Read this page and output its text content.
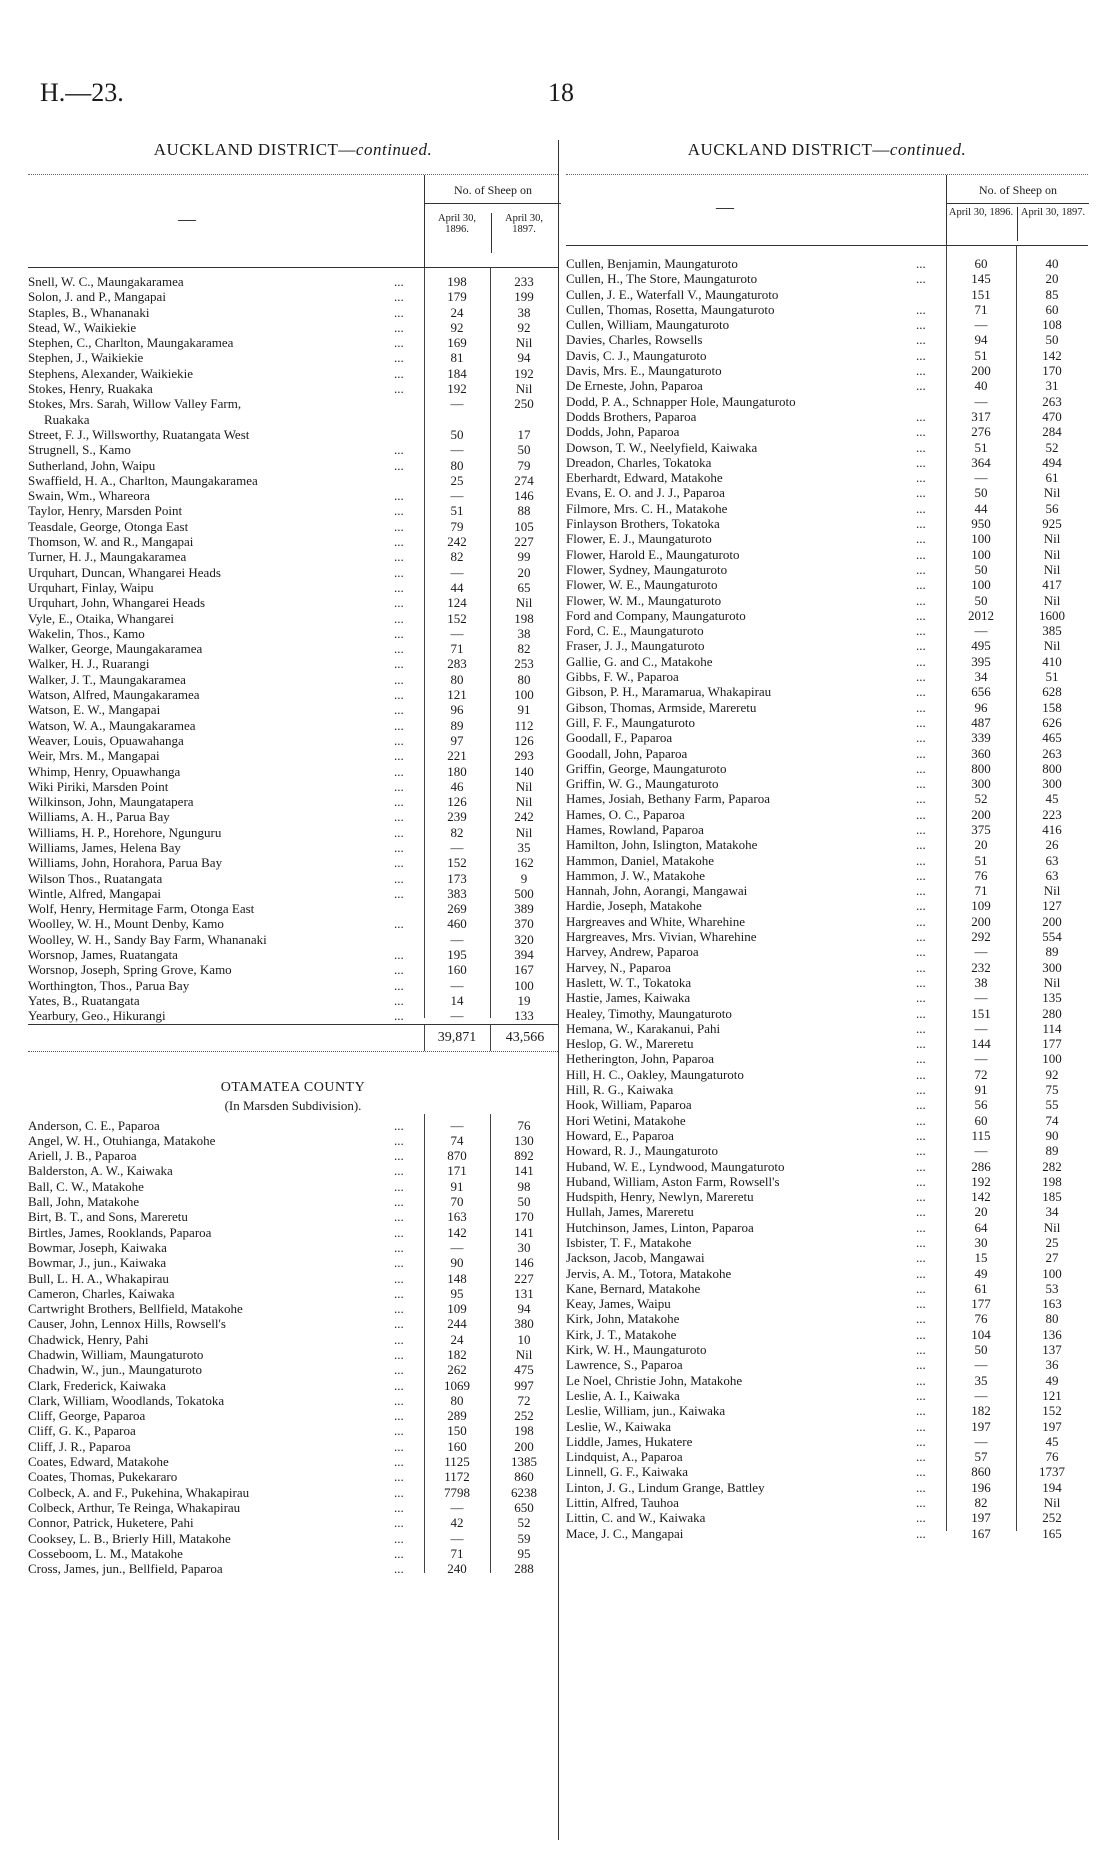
H.—23.	18
AUCKLAND DISTRICT—continued.
—
No. of Sheep on
April 30, 1896.
April 30, 1897.
Snell, W. C., Maungakaramea	...	198	233
Solon, J. and P., Mangapai	...	179	199
Staples, B., Whananaki	...	24	38
Stead, W., Waikiekie	...	92	92
Stephen, C., Charlton, Maungakaramea	...	169	Nil
Stephen, J., Waikiekie	...	81	94
Stephens, Alexander, Waikiekie	...	184	192
Stokes, Henry, Ruakaka	...	192	Nil
Stokes, Mrs. Sarah, Willow Valley Farm,	—	250
Ruakaka
Street, F. J., Willsworthy, Ruatangata West	50	17
Strugnell, S., Kamo	...	—	50
Sutherland, John, Waipu	...	80	79
Swaffield, H. A., Charlton, Maungakaramea	25	274
Swain, Wm., Whareora	...	—	146
Taylor, Henry, Marsden Point	...	51	88
Teasdale, George, Otonga East	...	79	105
Thomson, W. and R., Mangapai	...	242	227
Turner, H. J., Maungakaramea	...	82	99
Urquhart, Duncan, Whangarei Heads	...	—	20
Urquhart, Finlay, Waipu	...	44	65
Urquhart, John, Whangarei Heads	...	124	Nil
Vyle, E., Otaika, Whangarei	...	152	198
Wakelin, Thos., Kamo	...	—	38
Walker, George, Maungakaramea	...	71	82
Walker, H. J., Ruarangi	...	283	253
Walker, J. T., Maungakaramea	...	80	80
Watson, Alfred, Maungakaramea	...	121	100
Watson, E. W., Mangapai	...	96	91
Watson, W. A., Maungakaramea	...	89	112
Weaver, Louis, Opuawahanga	...	97	126
Weir, Mrs. M., Mangapai	...	221	293
Whimp, Henry, Opuawhanga	...	180	140
Wiki Piriki, Marsden Point	...	46	Nil
Wilkinson, John, Maungatapera	...	126	Nil
Williams, A. H., Parua Bay	...	239	242
Williams, H. P., Horehore, Ngunguru	...	82	Nil
Williams, James, Helena Bay	...	—	35
Williams, John, Horahora, Parua Bay	...	152	162
Wilson Thos., Ruatangata	...	173	9
Wintle, Alfred, Mangapai	...	383	500
Wolf, Henry, Hermitage Farm, Otonga East	269	389
Woolley, W. H., Mount Denby, Kamo	...	460	370
Woolley, W. H., Sandy Bay Farm, Whananaki	—	320
Worsnop, James, Ruatangata	...	195	394
Worsnop, Joseph, Spring Grove, Kamo	...	160	167
Worthington, Thos., Parua Bay	...	—	100
Yates, B., Ruatangata	...	14	19
Yearbury, Geo., Hikurangi	...	—	133
39,871	43,566
OTAMATEA COUNTY
(In Marsden Subdivision).
Anderson, C. E., Paparoa	...	—	76
Angel, W. H., Otuhianga, Matakohe	...	74	130
Ariell, J. B., Paparoa	...	870	892
Balderston, A. W., Kaiwaka	...	171	141
Ball, C. W., Matakohe	...	91	98
Ball, John, Matakohe	...	70	50
Birt, B. T., and Sons, Mareretu	...	163	170
Birtles, James, Rooklands, Paparoa	...	142	141
Bowmar, Joseph, Kaiwaka	...	—	30
Bowmar, J., jun., Kaiwaka	...	90	146
Bull, L. H. A., Whakapirau	...	148	227
Cameron, Charles, Kaiwaka	...	95	131
Cartwright Brothers, Bellfield, Matakohe	...	109	94
Causer, John, Lennox Hills, Rowsell's	...	244	380
Chadwick, Henry, Pahi	...	24	10
Chadwin, William, Maungaturoto	...	182	Nil
Chadwin, W., jun., Maungaturoto	...	262	475
Clark, Frederick, Kaiwaka	...	1069	997
Clark, William, Woodlands, Tokatoka	...	80	72
Cliff, George, Paparoa	...	289	252
Cliff, G. K., Paparoa	...	150	198
Cliff, J. R., Paparoa	...	160	200
Coates, Edward, Matakohe	...	1125	1385
Coates, Thomas, Pukekararo	...	1172	860
Colbeck, A. and F., Pukehina, Whakapirau	...	7798	6238
Colbeck, Arthur, Te Reinga, Whakapirau	...	—	650
Connor, Patrick, Huketere, Pahi	...	42	52
Cooksey, L. B., Brierly Hill, Matakohe	...	—	59
Cosseboom, L. M., Matakohe	...	71	95
Cross, James, jun., Bellfield, Paparoa	...	240	288
AUCKLAND DISTRICT—continued.
—
No. of Sheep on
April 30, 1896. April 30, 1897.
Cullen, Benjamin, Maungaturoto	...	60	40
Cullen, H., The Store, Maungaturoto	...	145	20
Cullen, J. E., Waterfall V., Maungaturoto	151	85
Cullen, Thomas, Rosetta, Maungaturoto	...	71	60
Cullen, William, Maungaturoto	...	—	108
Davies, Charles, Rowsells	...	94	50
Davis, C. J., Maungaturoto	...	51	142
Davis, Mrs. E., Maungaturoto	...	200	170
De Erneste, John, Paparoa	...	40	31
Dodd, P. A., Schnapper Hole, Maungaturoto	—	263
Dodds Brothers, Paparoa	...	317	470
Dodds, John, Paparoa	...	276	284
Dowson, T. W., Neelyfield, Kaiwaka	...	51	52
Dreadon, Charles, Tokatoka	...	364	494
Eberhardt, Edward, Matakohe	...	—	61
Evans, E. O. and J. J., Paparoa	...	50	Nil
Filmore, Mrs. C. H., Matakohe	...	44	56
Finlayson Brothers, Tokatoka	...	950	925
Flower, E. J., Maungaturoto	...	100	Nil
Flower, Harold E., Maungaturoto	...	100	Nil
Flower, Sydney, Maungaturoto	...	50	Nil
Flower, W. E., Maungaturoto	...	100	417
Flower, W. M., Maungaturoto	...	50	Nil
Ford and Company, Maungaturoto	...	2012	1600
Ford, C. E., Maungaturoto	...	—	385
Fraser, J. J., Maungaturoto	...	495	Nil
Gallie, G. and C., Matakohe	...	395	410
Gibbs, F. W., Paparoa	...	34	51
Gibson, P. H., Maramarua, Whakapirau	...	656	628
Gibson, Thomas, Armside, Mareretu	...	96	158
Gill, F. F., Maungaturoto	...	487	626
Goodall, F., Paparoa	...	339	465
Goodall, John, Paparoa	...	360	263
Griffin, George, Maungaturoto	...	800	800
Griffin, W. G., Maungaturoto	...	300	300
Hames, Josiah, Bethany Farm, Paparoa	...	52	45
Hames, O. C., Paparoa	...	200	223
Hames, Rowland, Paparoa	...	375	416
Hamilton, John, Islington, Matakohe	...	20	26
Hammon, Daniel, Matakohe	...	51	63
Hammon, J. W., Matakohe	...	76	63
Hannah, John, Aorangi, Mangawai	...	71	Nil
Hardie, Joseph, Matakohe	...	109	127
Hargreaves and White, Wharehine	...	200	200
Hargreaves, Mrs. Vivian, Wharehine	...	292	554
Harvey, Andrew, Paparoa	...	—	89
Harvey, N., Paparoa	...	232	300
Haslett, W. T., Tokatoka	...	38	Nil
Hastie, James, Kaiwaka	...	—	135
Healey, Timothy, Maungaturoto	...	151	280
Hemana, W., Karakanui, Pahi	...	—	114
Heslop, G. W., Mareretu	...	144	177
Hetherington, John, Paparoa	...	—	100
Hill, H. C., Oakley, Maungaturoto	...	72	92
Hill, R. G., Kaiwaka	...	91	75
Hook, William, Paparoa	...	56	55
Hori Wetini, Matakohe	...	60	74
Howard, E., Paparoa	...	115	90
Howard, R. J., Maungaturoto	...	—	89
Huband, W. E., Lyndwood, Maungaturoto	...	286	282
Huband, William, Aston Farm, Rowsell's	...	192	198
Hudspith, Henry, Newlyn, Mareretu	...	142	185
Hullah, James, Mareretu	...	20	34
Hutchinson, James, Linton, Paparoa	...	64	Nil
Isbister, T. F., Matakohe	...	30	25
Jackson, Jacob, Mangawai	...	15	27
Jervis, A. M., Totora, Matakohe	...	49	100
Kane, Bernard, Matakohe	...	61	53
Keay, James, Waipu	...	177	163
Kirk, John, Matakohe	...	76	80
Kirk, J. T., Matakohe	...	104	136
Kirk, W. H., Maungaturoto	...	50	137
Lawrence, S., Paparoa	...	—	36
Le Noel, Christie John, Matakohe	...	35	49
Leslie, A. I., Kaiwaka	...	—	121
Leslie, William, jun., Kaiwaka	...	182	152
Leslie, W., Kaiwaka	...	197	197
Liddle, James, Hukatere	...	—	45
Lindquist, A., Paparoa	...	57	76
Linnell, G. F., Kaiwaka	...	860	1737
Linton, J. G., Lindum Grange, Battley	...	196	194
Littin, Alfred, Tauhoa	...	82	Nil
Littin, C. and W., Kaiwaka	...	197	252
Mace, J. C., Mangapai	...	167	165
